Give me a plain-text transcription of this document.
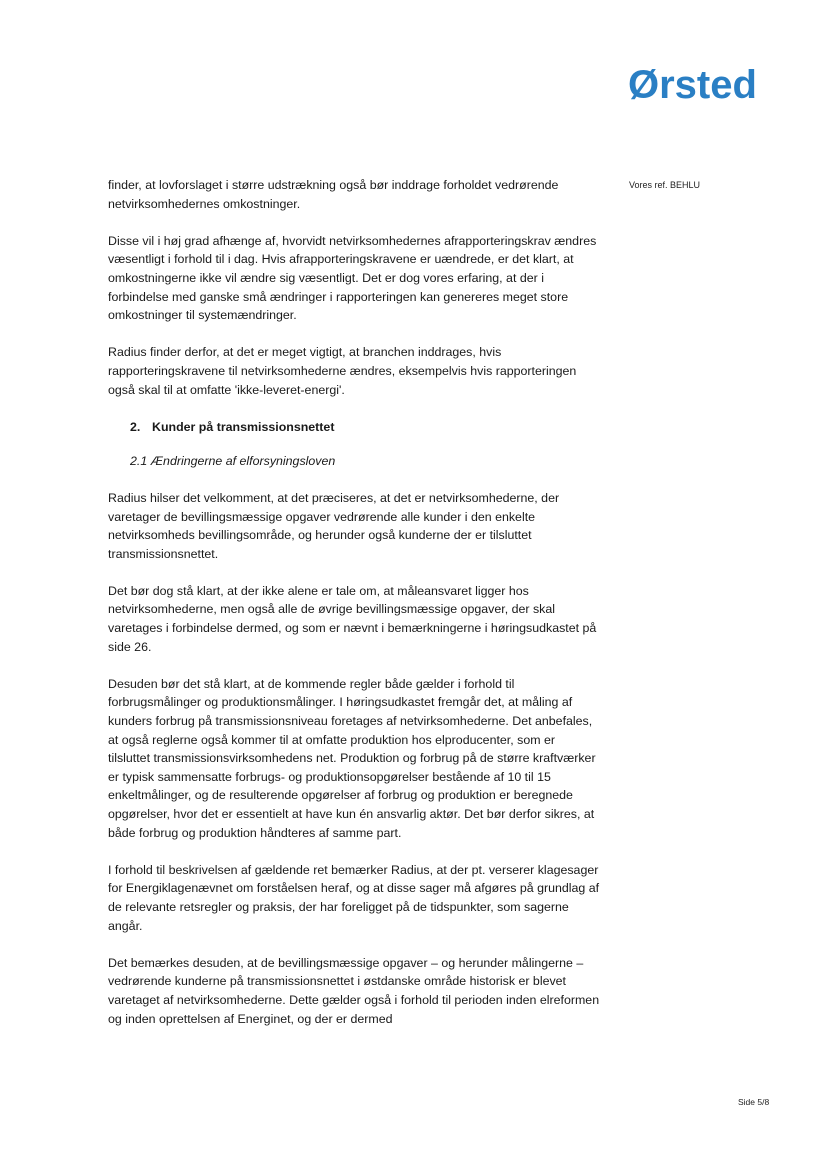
Ørsted
Vores ref. BEHLU

finder, at lovforslaget i større udstrækning også bør inddrage forholdet vedrørende netvirksomhedernes omkostninger.

Disse vil i høj grad afhænge af, hvorvidt netvirksomhedernes afrapporteringskrav ændres væsentligt i forhold til i dag. Hvis afrapporteringskravene er uændrede, er det klart, at omkostningerne ikke vil ændre sig væsentligt. Det er dog vores erfaring, at der i forbindelse med ganske små ændringer i rapporteringen kan genereres meget store omkostninger til systemændringer.

Radius finder derfor, at det er meget vigtigt, at branchen inddrages, hvis rapporteringskravene til netvirksomhederne ændres, eksempelvis hvis rapporteringen også skal til at omfatte 'ikke-leveret-energi'.

2. Kunder på transmissionsnettet

2.1 Ændringerne af elforsyningsloven

Radius hilser det velkomment, at det præciseres, at det er netvirksomhederne, der varetager de bevillingsmæssige opgaver vedrørende alle kunder i den enkelte netvirksomheds bevillingsområde, og herunder også kunderne der er tilsluttet transmissionsnettet.

Det bør dog stå klart, at der ikke alene er tale om, at måleansvaret ligger hos netvirksomhederne, men også alle de øvrige bevillingsmæssige opgaver, der skal varetages i forbindelse dermed, og som er nævnt i bemærkningerne i høringsudkastet på side 26.

Desuden bør det stå klart, at de kommende regler både gælder i forhold til forbrugsmålinger og produktionsmålinger. I høringsudkastet fremgår det, at måling af kunders forbrug på transmissionsniveau foretages af netvirksomhederne. Det anbefales, at også reglerne også kommer til at omfatte produktion hos elproducenter, som er tilsluttet transmissionsvirksomhedens net. Produktion og forbrug på de større kraftværker er typisk sammensatte forbrugs- og produktionsopgørelser bestående af 10 til 15 enkeltmålinger, og de resulterende opgørelser af forbrug og produktion er beregnede opgørelser, hvor det er essentielt at have kun én ansvarlig aktør. Det bør derfor sikres, at både forbrug og produktion håndteres af samme part.

I forhold til beskrivelsen af gældende ret bemærker Radius, at der pt. verserer klagesager for Energiklagenævnet om forståelsen heraf, og at disse sager må afgøres på grundlag af de relevante retsregler og praksis, der har foreligget på de tidspunkter, som sagerne angår.

Det bemærkes desuden, at de bevillingsmæssige opgaver – og herunder målingerne – vedrørende kunderne på transmissionsnettet i østdanske område historisk er blevet varetaget af netvirksomhederne. Dette gælder også i forhold til perioden inden elreformen og inden oprettelsen af Energinet, og der er dermed

Side 5/8
